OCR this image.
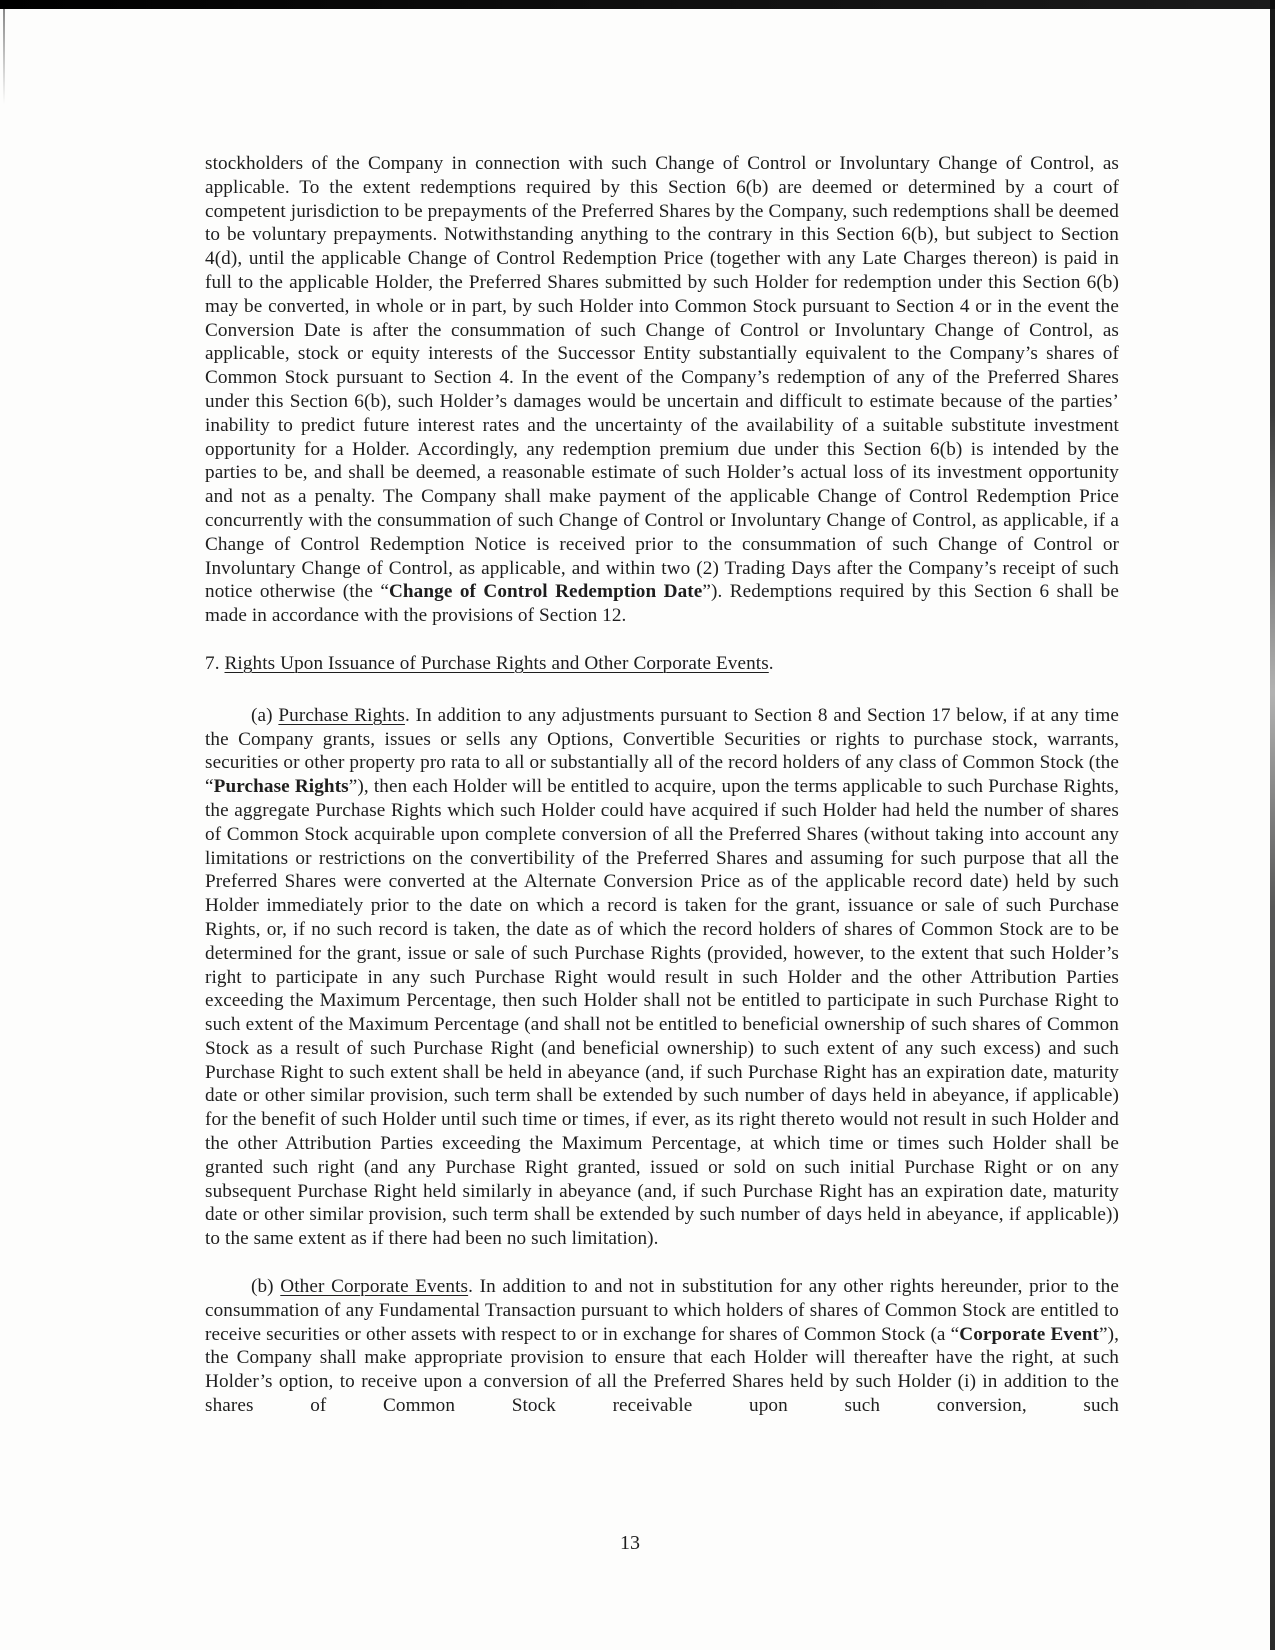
stockholders of the Company in connection with such Change of Control or Involuntary Change of Control, as applicable. To the extent redemptions required by this Section 6(b) are deemed or determined by a court of competent jurisdiction to be prepayments of the Preferred Shares by the Company, such redemptions shall be deemed to be voluntary prepayments. Notwithstanding anything to the contrary in this Section 6(b), but subject to Section 4(d), until the applicable Change of Control Redemption Price (together with any Late Charges thereon) is paid in full to the applicable Holder, the Preferred Shares submitted by such Holder for redemption under this Section 6(b) may be converted, in whole or in part, by such Holder into Common Stock pursuant to Section 4 or in the event the Conversion Date is after the consummation of such Change of Control or Involuntary Change of Control, as applicable, stock or equity interests of the Successor Entity substantially equivalent to the Company’s shares of Common Stock pursuant to Section 4. In the event of the Company’s redemption of any of the Preferred Shares under this Section 6(b), such Holder’s damages would be uncertain and difficult to estimate because of the parties’ inability to predict future interest rates and the uncertainty of the availability of a suitable substitute investment opportunity for a Holder. Accordingly, any redemption premium due under this Section 6(b) is intended by the parties to be, and shall be deemed, a reasonable estimate of such Holder’s actual loss of its investment opportunity and not as a penalty. The Company shall make payment of the applicable Change of Control Redemption Price concurrently with the consummation of such Change of Control or Involuntary Change of Control, as applicable, if a Change of Control Redemption Notice is received prior to the consummation of such Change of Control or Involuntary Change of Control, as applicable, and within two (2) Trading Days after the Company’s receipt of such notice otherwise (the “Change of Control Redemption Date”). Redemptions required by this Section 6 shall be made in accordance with the provisions of Section 12.

7. Rights Upon Issuance of Purchase Rights and Other Corporate Events.

(a) Purchase Rights. In addition to any adjustments pursuant to Section 8 and Section 17 below, if at any time the Company grants, issues or sells any Options, Convertible Securities or rights to purchase stock, warrants, securities or other property pro rata to all or substantially all of the record holders of any class of Common Stock (the “Purchase Rights”), then each Holder will be entitled to acquire, upon the terms applicable to such Purchase Rights, the aggregate Purchase Rights which such Holder could have acquired if such Holder had held the number of shares of Common Stock acquirable upon complete conversion of all the Preferred Shares (without taking into account any limitations or restrictions on the convertibility of the Preferred Shares and assuming for such purpose that all the Preferred Shares were converted at the Alternate Conversion Price as of the applicable record date) held by such Holder immediately prior to the date on which a record is taken for the grant, issuance or sale of such Purchase Rights, or, if no such record is taken, the date as of which the record holders of shares of Common Stock are to be determined for the grant, issue or sale of such Purchase Rights (provided, however, to the extent that such Holder’s right to participate in any such Purchase Right would result in such Holder and the other Attribution Parties exceeding the Maximum Percentage, then such Holder shall not be entitled to participate in such Purchase Right to such extent of the Maximum Percentage (and shall not be entitled to beneficial ownership of such shares of Common Stock as a result of such Purchase Right (and beneficial ownership) to such extent of any such excess) and such Purchase Right to such extent shall be held in abeyance (and, if such Purchase Right has an expiration date, maturity date or other similar provision, such term shall be extended by such number of days held in abeyance, if applicable) for the benefit of such Holder until such time or times, if ever, as its right thereto would not result in such Holder and the other Attribution Parties exceeding the Maximum Percentage, at which time or times such Holder shall be granted such right (and any Purchase Right granted, issued or sold on such initial Purchase Right or on any subsequent Purchase Right held similarly in abeyance (and, if such Purchase Right has an expiration date, maturity date or other similar provision, such term shall be extended by such number of days held in abeyance, if applicable)) to the same extent as if there had been no such limitation).

(b) Other Corporate Events. In addition to and not in substitution for any other rights hereunder, prior to the consummation of any Fundamental Transaction pursuant to which holders of shares of Common Stock are entitled to receive securities or other assets with respect to or in exchange for shares of Common Stock (a “Corporate Event”), the Company shall make appropriate provision to ensure that each Holder will thereafter have the right, at such Holder’s option, to receive upon a conversion of all the Preferred Shares held by such Holder (i) in addition to the shares of Common Stock receivable upon such conversion, such

13
